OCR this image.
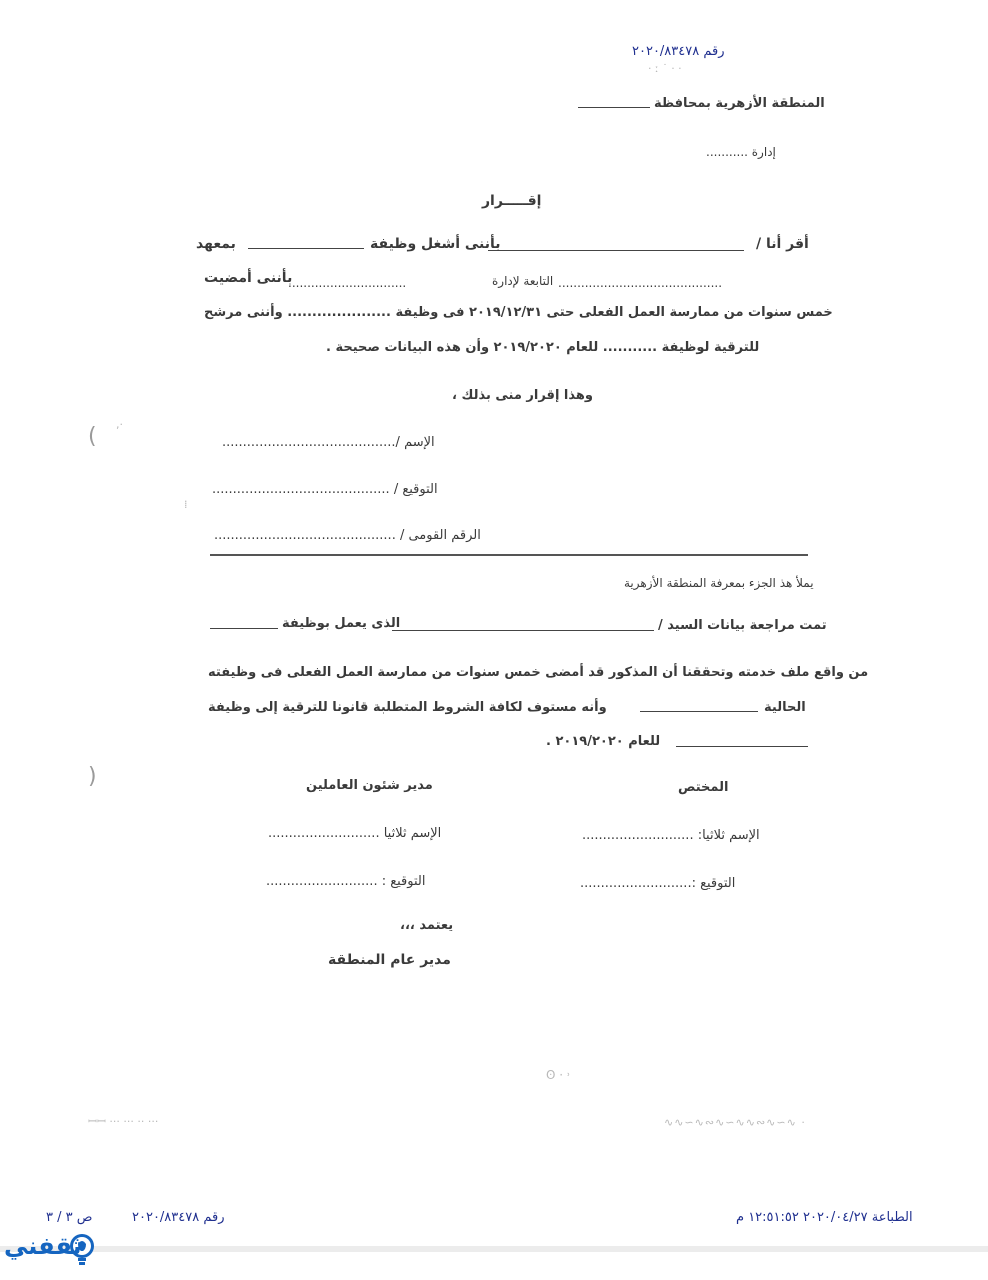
رقم ٢٠٢٠/٨٣٤٧٨
· ː ˙ · ·
المنطقة الأزهرية بمحافظة
إدارة ...........
إقـــــرار
أقر أنا /
بأننى أشغل وظيفة
بمعهد
...........................................
التابعة لإدارة
...............................
بأننى أمضيت
خمس سنوات من ممارسة العمل الفعلى حتى ٢٠١٩/١٢/٣١ فى وظيفة ..................... وأننى مرشح
للترقية لوظيفة ........... للعام ٢٠١٩/٢٠٢٠ وأن هذه البيانات صحيحة .
وهذا إقرار منى بذلك ،
( ,·
الإسم /..........................................
التوقيع / ...........................................
⁞
الرقم القومى / ............................................
يملأ هذ الجزء بمعرفة المنطقة الأزهرية
تمت مراجعة بيانات السيد /
الذى يعمل بوظيفة
من واقع ملف خدمته وتحققنا أن المذكور قد أمضى خمس سنوات من ممارسة العمل الفعلى فى وظيفته
الحالية
وأنه مستوف لكافة الشروط المتطلبة قانونا للترقية إلى وظيفة
للعام ٢٠١٩/٢٠٢٠ .
)	المختص
مدير شئون العاملين
الإسم ثلاثيا: ...........................
الإسم ثلاثيا ...........................
التوقيع :...........................
التوقيع : ...........................
يعتمد ،،،
مدير عام المنطقة
ʘ · ˒
ꟷꟷ ··· ··· ·· ···	∿∿∽∿∾∿∽∿∿∾∿∽∿ ·
الطباعة ٢٠٢٠/٠٤/٢٧ ١٢:٥١:٥٢ م
رقم ٢٠٢٠/٨٣٤٧٨
ص ٣ / ٣
ثقفني
